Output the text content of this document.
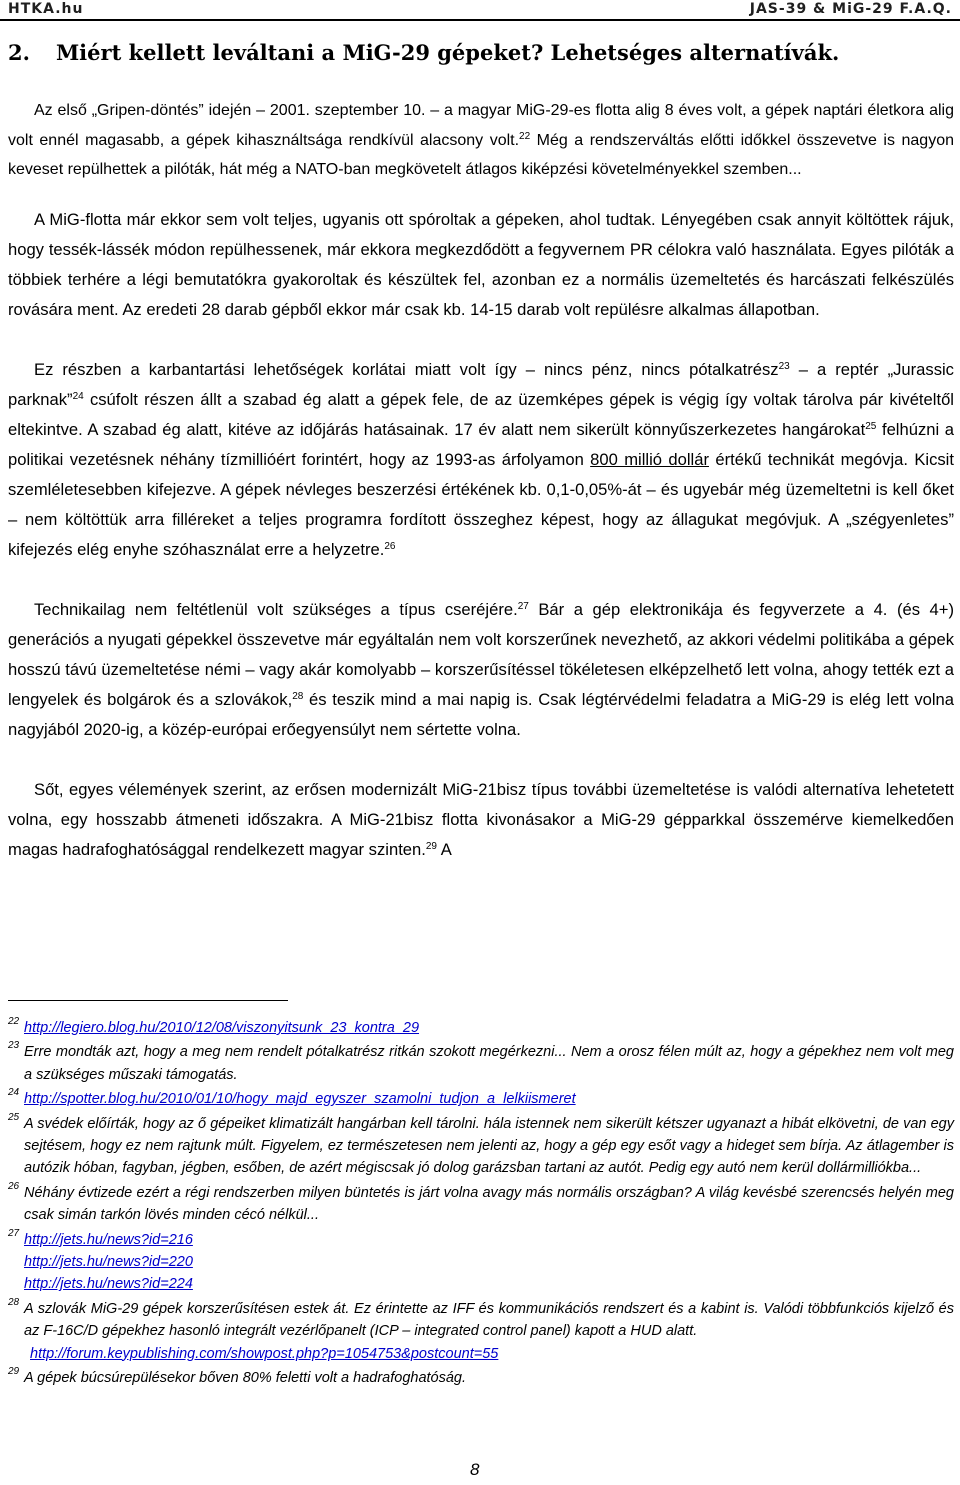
HTKA.hu	JAS-39 & MiG-29 F.A.Q.
2. Miért kellett leváltani a MiG-29 gépeket? Lehetséges alternatívák.

Az első „Gripen-döntés” idején – 2001. szeptember 10. – a magyar MiG-29-es flotta alig 8 éves volt, a gépek naptári életkora alig volt ennél magasabb, a gépek kihasználtsága rendkívül alacsony volt.$^{22}$ Még a rendszerváltás előtti időkkel összevetve is nagyon keveset repülhettek a pilóták, hát még a NATO-ban megkövetelt átlagos kiképzési követelményekkel szemben...

A MiG-flotta már ekkor sem volt teljes, ugyanis ott spóroltak a gépeken, ahol tudtak. Lényegében csak annyit költöttek rájuk, hogy tessék-lássék módon repülhessenek, már ekkora megkezdődött a fegyvernem PR célokra való használata. Egyes pilóták a többiek terhére a légi bemutatókra gyakoroltak és készültek fel, azonban ez a normális üzemeltetés és harcászati felkészülés rovására ment. Az eredeti 28 darab gépből ekkor már csak kb. 14-15 darab volt repülésre alkalmas állapotban.

Ez részben a karbantartási lehetőségek korlátai miatt volt így – nincs pénz, nincs pótalkatrész$^{23}$ – a reptér „Jurassic parknak”$^{24}$ csúfolt részen állt a szabad ég alatt a gépek fele, de az üzemképes gépek is végig így voltak tárolva pár kivételtől eltekintve. A szabad ég alatt, kitéve az időjárás hatásainak. 17 év alatt nem sikerült könnyűszerkezetes hangárokat$^{25}$ felhúzni a politikai vezetésnek néhány tízmillióért forintért, hogy az 1993-as árfolyamon 800 millió dollár értékű technikát megóvja. Kicsit szemléletesebben kifejezve. A gépek névleges beszerzési értékének kb. 0,1-0,05%-át – és ugyebár még üzemeltetni is kell őket – nem költöttük arra filléreket a teljes programra fordított összeghez képest, hogy az állagukat megóvjuk. A „szégyenletes” kifejezés elég enyhe szóhasználat erre a helyzetre.$^{26}$

Technikailag nem feltétlenül volt szükséges a típus cseréjére.$^{27}$ Bár a gép elektronikája és fegyverzete a 4. (és 4+) generációs a nyugati gépekkel összevetve már egyáltalán nem volt korszerűnek nevezhető, az akkori védelmi politikába a gépek hosszú távú üzemeltetése némi – vagy akár komolyabb – korszerűsítéssel tökéletesen elképzelhető lett volna, ahogy tették ezt a lengyelek és bolgárok és a szlovákok,$^{28}$ és teszik mind a mai napig is. Csak légtérvédelmi feladatra a MiG-29 is elég lett volna nagyjából 2020-ig, a közép-európai erőegyensúlyt nem sértette volna.

Sőt, egyes vélemények szerint, az erősen modernizált MiG-21bisz típus további üzemeltetése is valódi alternatíva lehetetett volna, egy hosszabb átmeneti időszakra. A MiG-21bisz flotta kivonásakor a MiG-29 gépparkkal összemérve kiemelkedően magas hadrafoghatósággal rendelkezett magyar szinten.$^{29}$ A

22 http://legiero.blog.hu/2010/12/08/viszonyitsunk_23_kontra_29
23 Erre mondták azt, hogy a meg nem rendelt pótalkatrész ritkán szokott megérkezni... Nem a orosz félen múlt az, hogy a gépekhez nem volt meg a szükséges műszaki támogatás.
24 http://spotter.blog.hu/2010/01/10/hogy_majd_egyszer_szamolni_tudjon_a_lelkiismeret
25 A svédek előírták, hogy az ő gépeiket klimatizált hangárban kell tárolni. hála istennek nem sikerült kétszer ugyanazt a hibát elkövetni, de van egy sejtésem, hogy ez nem rajtunk múlt. Figyelem, ez természetesen nem jelenti az, hogy a gép egy esőt vagy a hideget sem bírja. Az átlagember is autózik hóban, fagyban, jégben, esőben, de azért mégiscsak jó dolog garázsban tartani az autót. Pedig egy autó nem kerül dollármilliókba...
26 Néhány évtizede ezért a régi rendszerben milyen büntetés is járt volna avagy más normális országban? A világ kevésbé szerencsés helyén meg csak simán tarkón lövés minden cécó nélkül...
27 http://jets.hu/news?id=216
http://jets.hu/news?id=220
http://jets.hu/news?id=224
28 A szlovák MiG-29 gépek korszerűsítésen estek át. Ez érintette az IFF és kommunikációs rendszert és a kabint is. Valódi többfunkciós kijelző és az F-16C/D gépekhez hasonló integrált vezérlőpanelt (ICP – integrated control panel) kapott a HUD alatt.
http://forum.keypublishing.com/showpost.php?p=1054753&postcount=55
29 A gépek búcsúrepülésekor bőven 80% feletti volt a hadrafoghatóság.
8
